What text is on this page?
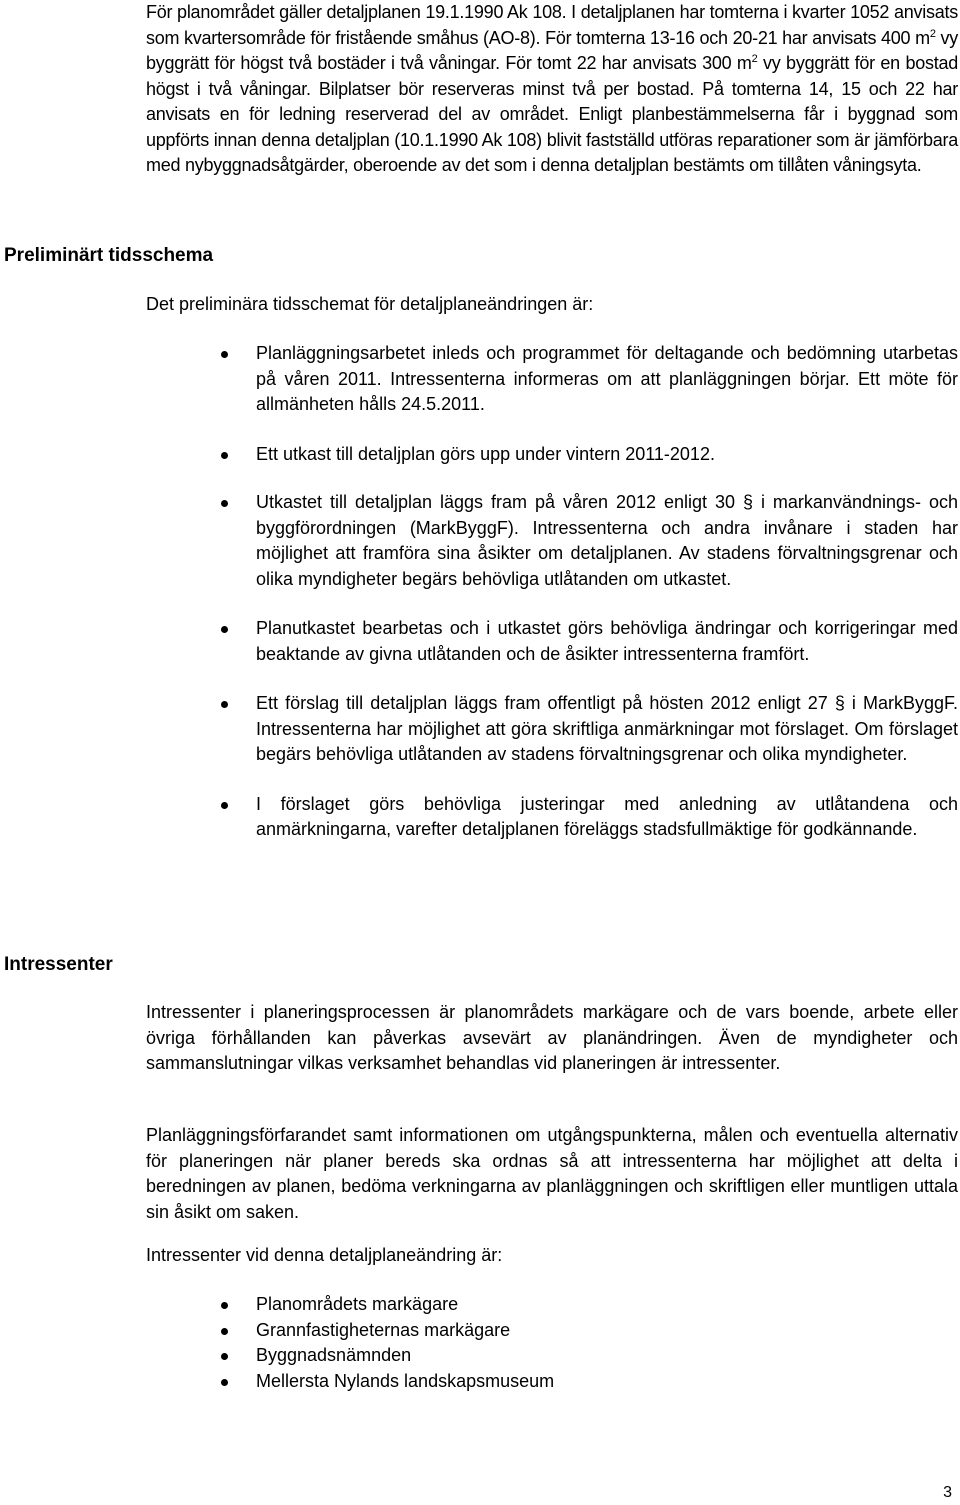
För planområdet gäller detaljplanen 19.1.1990 Ak 108. I detaljplanen har tomterna i kvarter 1052 anvisats som kvartersområde för fristående småhus (AO-8). För tomterna 13-16 och 20-21 har anvisats 400 $m^2$ vy byggrätt för högst två bostäder i två våningar. För tomt 22 har anvisats 300 $m^2$ vy byggrätt för en bostad högst i två våningar. Bilplatser bör reserveras minst två per bostad. På tomterna 14, 15 och 22 har anvisats en för ledning reserverad del av området. Enligt planbestämmelserna får i byggnad som uppförts innan denna detaljplan (10.1.1990 Ak 108) blivit fastställd utföras reparationer som är jämförbara med nybyggnadsåtgärder, oberoende av det som i denna detaljplan bestämts om tillåten våningsyta.

Preliminärt tidsschema

Det preliminära tidsschemat för detaljplaneändringen är:

Planläggningsarbetet inleds och programmet för deltagande och bedömning utarbetas på våren 2011. Intressenterna informeras om att planläggningen börjar. Ett möte för allmänheten hålls 24.5.2011.
Ett utkast till detaljplan görs upp under vintern 2011-2012.
Utkastet till detaljplan läggs fram på våren 2012 enligt 30 § i markanvändnings- och byggförordningen (MarkByggF). Intressenterna och andra invånare i staden har möjlighet att framföra sina åsikter om detaljplanen. Av stadens förvaltningsgrenar och olika myndigheter begärs behövliga utlåtanden om utkastet.
Planutkastet bearbetas och i utkastet görs behövliga ändringar och korrigeringar med beaktande av givna utlåtanden och de åsikter intressenterna framfört.
Ett förslag till detaljplan läggs fram offentligt på hösten 2012 enligt 27 § i MarkByggF. Intressenterna har möjlighet att göra skriftliga anmärkningar mot förslaget. Om förslaget begärs behövliga utlåtanden av stadens förvaltningsgrenar och olika myndigheter.
I förslaget görs behövliga justeringar med anledning av utlåtandena och anmärkningarna, varefter detaljplanen föreläggs stadsfullmäktige för godkännande.
Intressenter

Intressenter i planeringsprocessen är planområdets markägare och de vars boende, arbete eller övriga förhållanden kan påverkas avsevärt av planändringen. Även de myndigheter och sammanslutningar vilkas verksamhet behandlas vid planeringen är intressenter.

Planläggningsförfarandet samt informationen om utgångspunkterna, målen och eventuella alternativ för planeringen när planer bereds ska ordnas så att intressenterna har möjlighet att delta i beredningen av planen, bedöma verkningarna av planläggningen och skriftligen eller muntligen uttala sin åsikt om saken.

Intressenter vid denna detaljplaneändring är:

Planområdets markägare
Grannfastigheternas markägare
Byggnadsnämnden
Mellersta Nylands landskapsmuseum
3
